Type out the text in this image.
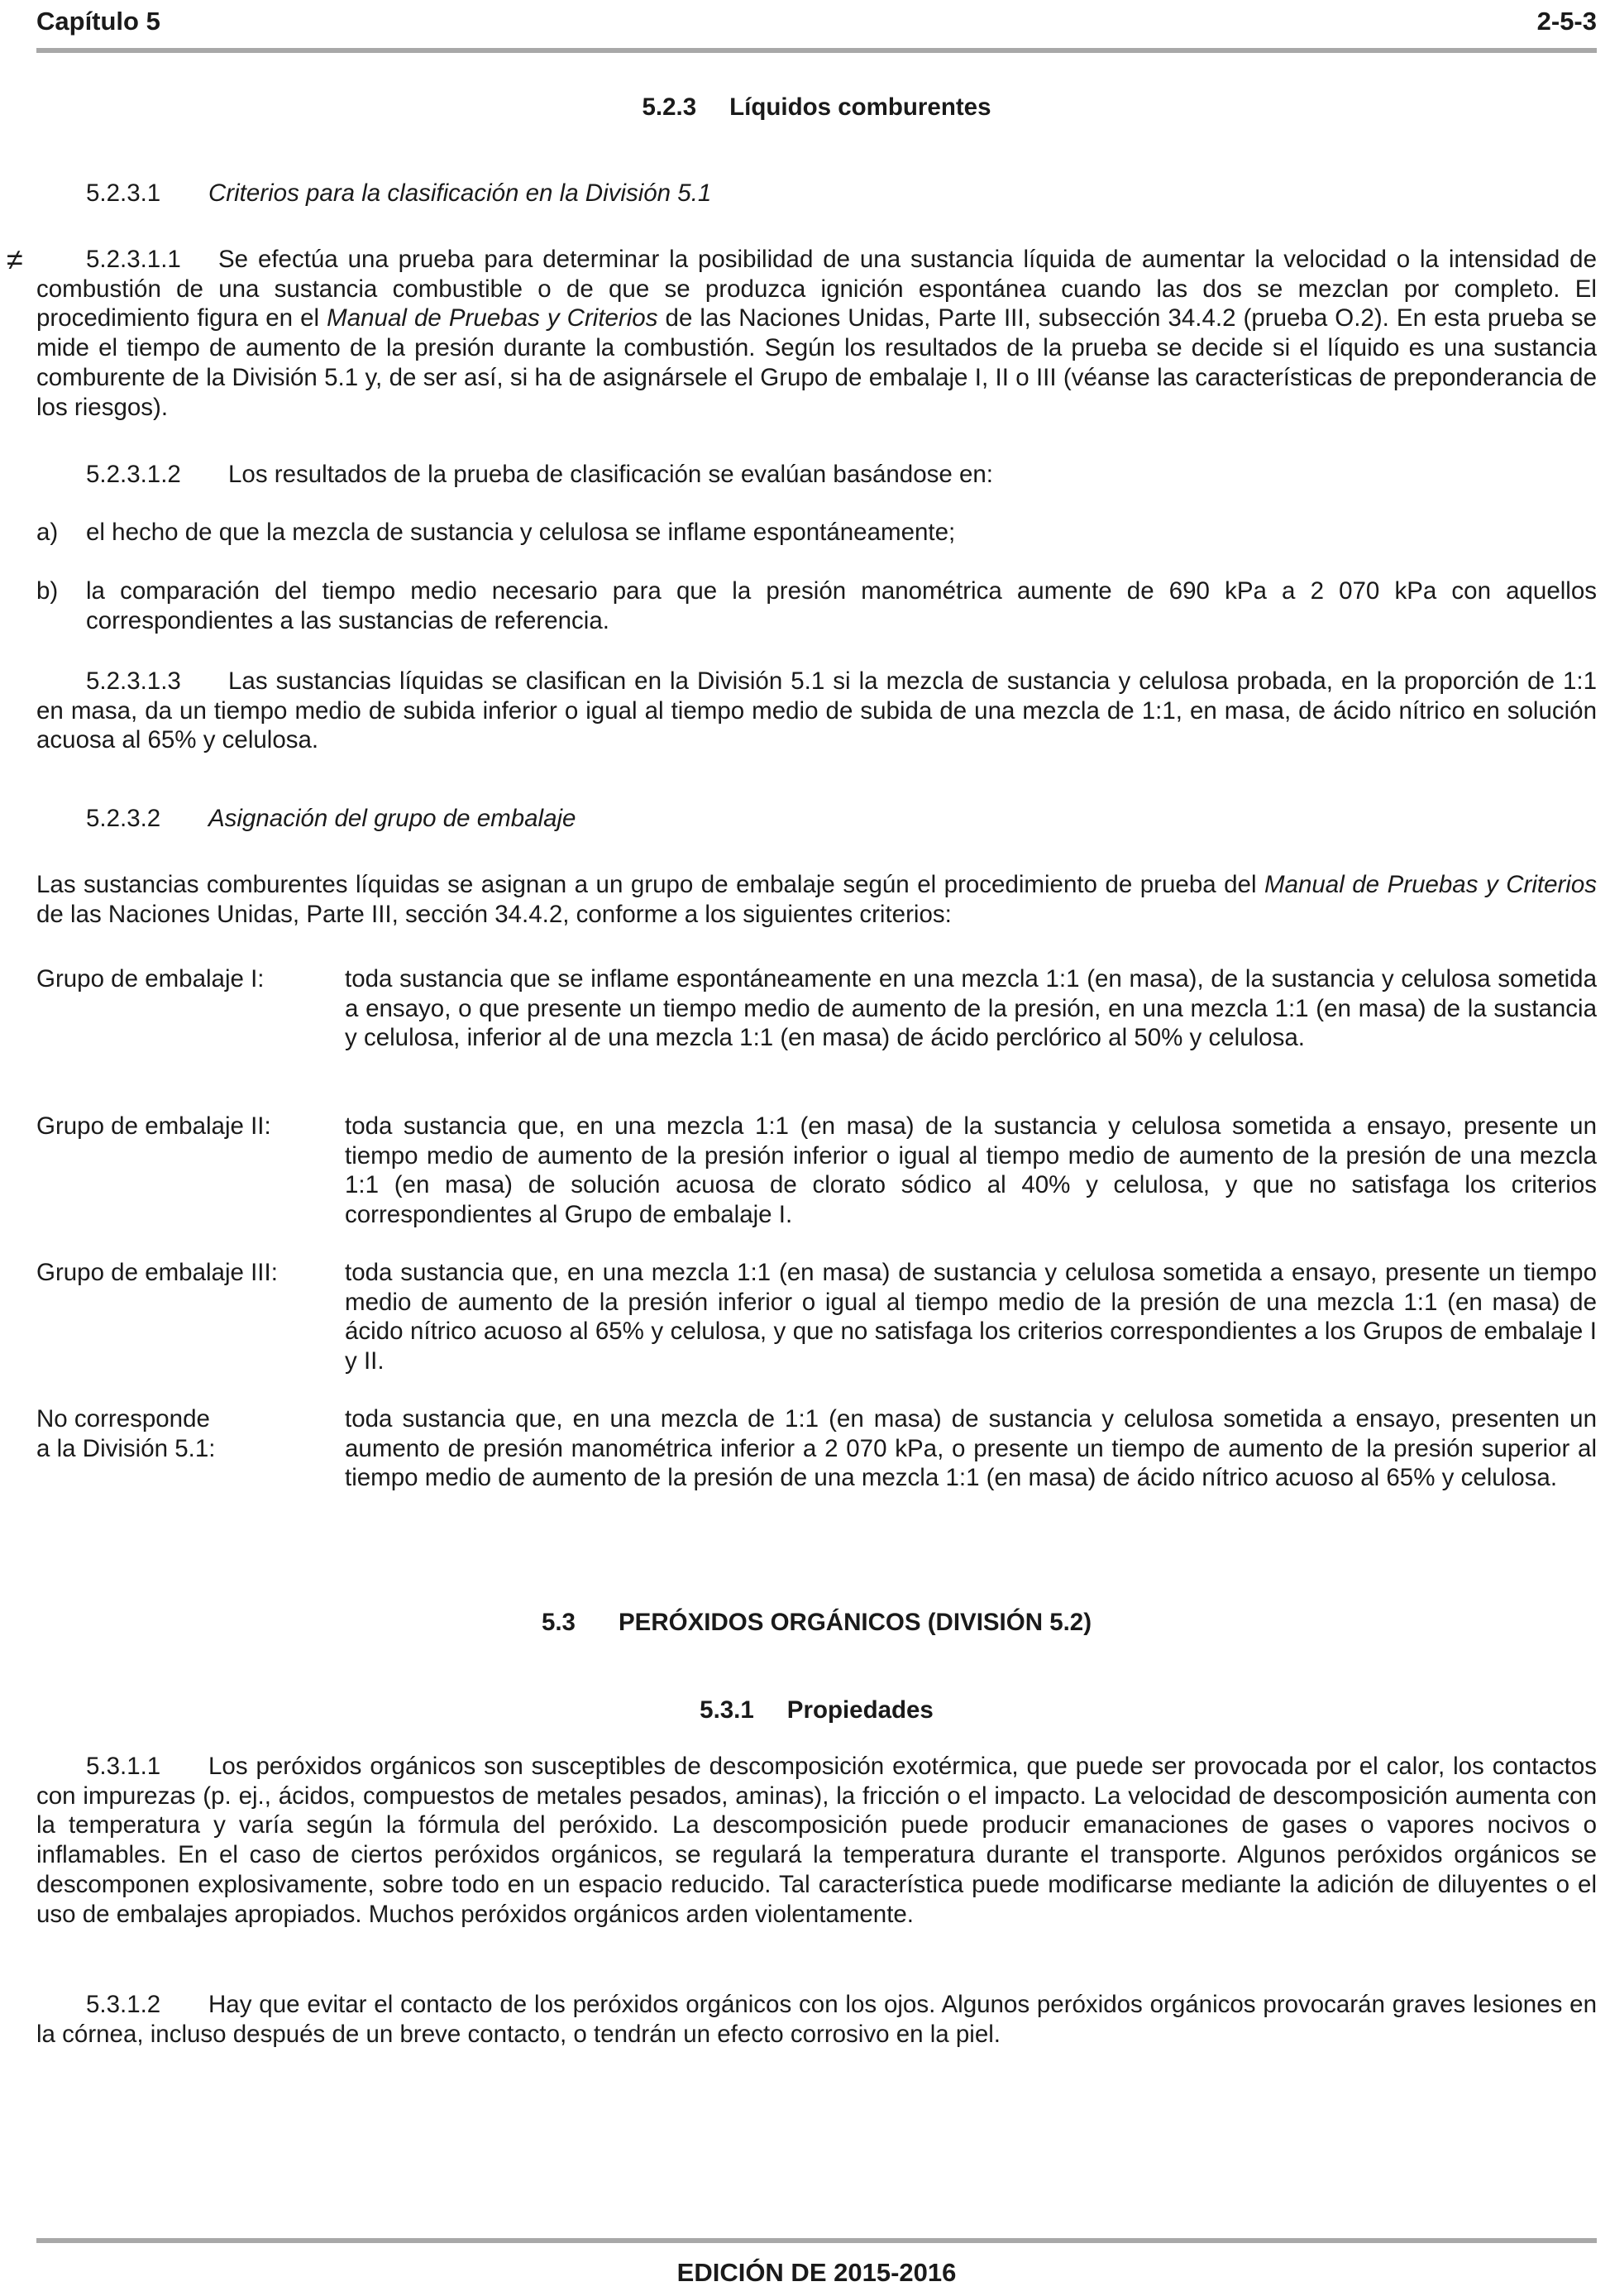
Capítulo 5	2-5-3
5.2.3 Líquidos comburentes
5.2.3.1 Criterios para la clasificación en la División 5.1
≠	5.2.3.1.1 Se efectúa una prueba para determinar la posibilidad de una sustancia líquida de aumentar la velocidad o la intensidad de combustión de una sustancia combustible o de que se produzca ignición espontánea cuando las dos se mezclan por completo. El procedimiento figura en el Manual de Pruebas y Criterios de las Naciones Unidas, Parte III, subsección 34.4.2 (prueba O.2). En esta prueba se mide el tiempo de aumento de la presión durante la combustión. Según los resultados de la prueba se decide si el líquido es una sustancia comburente de la División 5.1 y, de ser así, si ha de asignársele el Grupo de embalaje I, II o III (véanse las características de preponderancia de los riesgos).
5.2.3.1.2 Los resultados de la prueba de clasificación se evalúan basándose en:
a)	el hecho de que la mezcla de sustancia y celulosa se inflame espontáneamente;
b)	la comparación del tiempo medio necesario para que la presión manométrica aumente de 690 kPa a 2 070 kPa con aquellos correspondientes a las sustancias de referencia.
5.2.3.1.3 Las sustancias líquidas se clasifican en la División 5.1 si la mezcla de sustancia y celulosa probada, en la proporción de 1:1 en masa, da un tiempo medio de subida inferior o igual al tiempo medio de subida de una mezcla de 1:1, en masa, de ácido nítrico en solución acuosa al 65% y celulosa.
5.2.3.2 Asignación del grupo de embalaje
Las sustancias comburentes líquidas se asignan a un grupo de embalaje según el procedimiento de prueba del Manual de Pruebas y Criterios de las Naciones Unidas, Parte III, sección 34.4.2, conforme a los siguientes criterios:
Grupo de embalaje I:	toda sustancia que se inflame espontáneamente en una mezcla 1:1 (en masa), de la sustancia y celulosa sometida a ensayo, o que presente un tiempo medio de aumento de la presión, en una mezcla 1:1 (en masa) de la sustancia y celulosa, inferior al de una mezcla 1:1 (en masa) de ácido perclórico al 50% y celulosa.
Grupo de embalaje II:	toda sustancia que, en una mezcla 1:1 (en masa) de la sustancia y celulosa sometida a ensayo, presente un tiempo medio de aumento de la presión inferior o igual al tiempo medio de aumento de la presión de una mezcla 1:1 (en masa) de solución acuosa de clorato sódico al 40% y celulosa, y que no satisfaga los criterios correspondientes al Grupo de embalaje I.
Grupo de embalaje III:	toda sustancia que, en una mezcla 1:1 (en masa) de sustancia y celulosa sometida a ensayo, presente un tiempo medio de aumento de la presión inferior o igual al tiempo medio de la presión de una mezcla 1:1 (en masa) de ácido nítrico acuoso al 65% y celulosa, y que no satisfaga los criterios correspondientes a los Grupos de embalaje I y II.
No corresponde
a la División 5.1:
toda sustancia que, en una mezcla de 1:1 (en masa) de sustancia y celulosa sometida a ensayo, presenten un aumento de presión manométrica inferior a 2 070 kPa, o presente un tiempo de aumento de la presión superior al tiempo medio de aumento de la presión de una mezcla 1:1 (en masa) de ácido nítrico acuoso al 65% y celulosa.
5.3 PERÓXIDOS ORGÁNICOS (DIVISIÓN 5.2)
5.3.1 Propiedades
5.3.1.1 Los peróxidos orgánicos son susceptibles de descomposición exotérmica, que puede ser provocada por el calor, los contactos con impurezas (p. ej., ácidos, compuestos de metales pesados, aminas), la fricción o el impacto. La velocidad de descomposición aumenta con la temperatura y varía según la fórmula del peróxido. La descomposición puede producir emanaciones de gases o vapores nocivos o inflamables. En el caso de ciertos peróxidos orgánicos, se regulará la temperatura durante el transporte. Algunos peróxidos orgánicos se descomponen explosivamente, sobre todo en un espacio reducido. Tal característica puede modificarse mediante la adición de diluyentes o el uso de embalajes apropiados. Muchos peróxidos orgánicos arden violentamente.
5.3.1.2 Hay que evitar el contacto de los peróxidos orgánicos con los ojos. Algunos peróxidos orgánicos provocarán graves lesiones en la córnea, incluso después de un breve contacto, o tendrán un efecto corrosivo en la piel.
EDICIÓN DE 2015-2016
